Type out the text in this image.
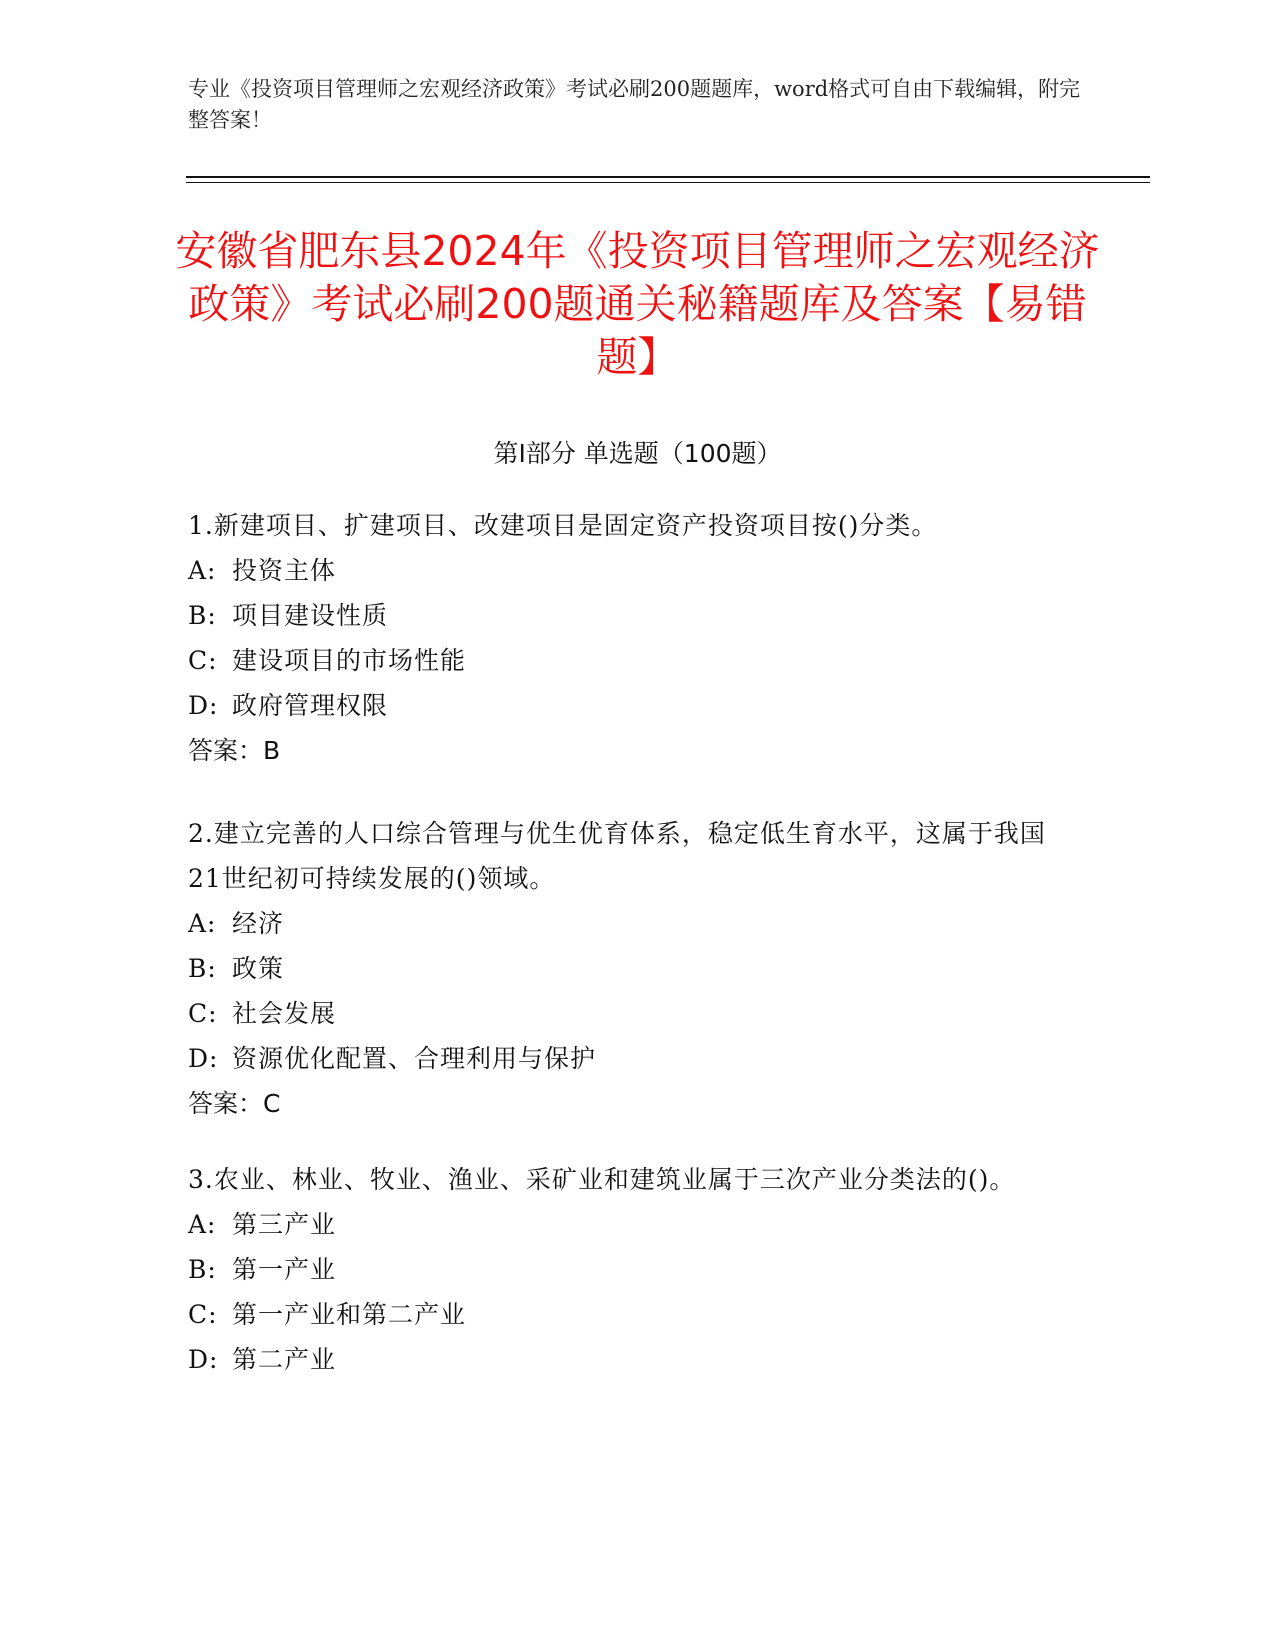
专业《投资项目管理师之宏观经济政策》考试必刷200题题库，word格式可自由下载编辑，附完整答案！
安徽省肥东县2024年《投资项目管理师之宏观经济政策》考试必刷200题通关秘籍题库及答案【易错题】
第I部分 单选题（100题）
1.新建项目、扩建项目、改建项目是固定资产投资项目按()分类。
A: 投资主体
B: 项目建设性质
C: 建设项目的市场性能
D: 政府管理权限
答案：B
2.建立完善的人口综合管理与优生优育体系，稳定低生育水平，这属于我国21世纪初可持续发展的()领域。
A: 经济
B: 政策
C: 社会发展
D: 资源优化配置、合理利用与保护
答案：C
3.农业、林业、牧业、渔业、采矿业和建筑业属于三次产业分类法的()。
A: 第三产业
B: 第一产业
C: 第一产业和第二产业
D: 第二产业
